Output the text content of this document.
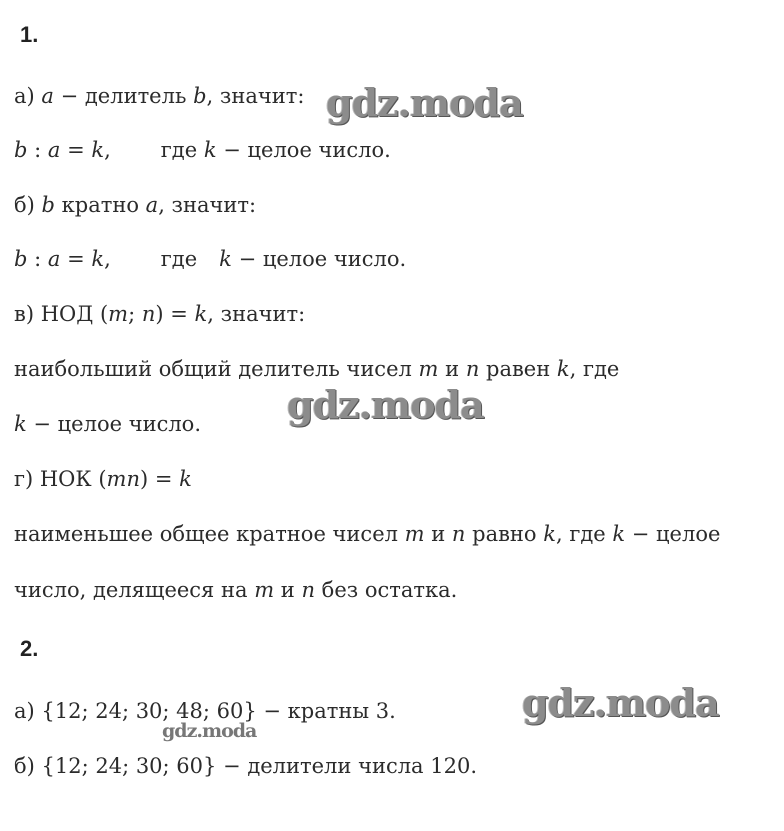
1.
а) a − делитель b, значит:
b : a = k, где k − целое число.
б) b кратно a, значит:
b : a = k, где k − целое число.
в) НОД (m; n) = k, значит:
наибольший общий делитель чисел m и n равен k, где
k − целое число.
г) НОК (mn) = k
наименьшее общее кратное чисел m и n равно k, где k − целое
число, делящееся на m и n без остатка.
2.
а) {12; 24; 30; 48; 60} − кратны 3.
б) {12; 24; 30; 60} − делители числа 120.
gdz.moda
gdz.moda
gdz.moda
gdz.moda
